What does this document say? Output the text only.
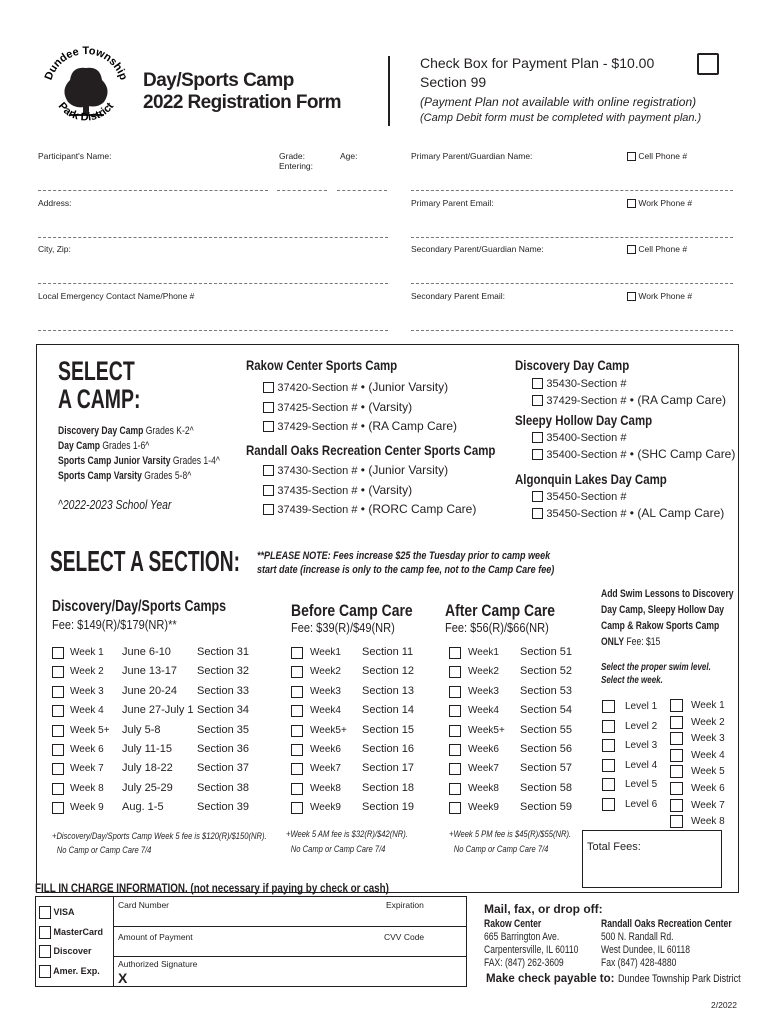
Dundee Township
Park District
Day/Sports Camp
2022 Registration Form
Check Box for Payment Plan - $10.00
Section 99
(Payment Plan not available with online registration)
(Camp Debit form must be completed with payment plan.)
Participant's Name:	Grade:
Entering:
Age:
Address:
City, Zip:
Local Emergency Contact Name/Phone #
Primary Parent/Guardian Name:	Cell Phone #
Primary Parent Email:	Work Phone #
Secondary Parent/Guardian Name:	Cell Phone #
Secondary Parent Email:	Work Phone #
SELECT
A CAMP:
Discovery Day Camp Grades K-2^
Day Camp Grades 1-6^
Sports Camp Junior Varsity Grades 1-4^
Sports Camp Varsity Grades 5-8^
^2022-2023 School Year
Rakow Center Sports Camp
37420-Section # • (Junior Varsity)
37425-Section # • (Varsity)
37429-Section # • (RA Camp Care)
Randall Oaks Recreation Center Sports Camp
37430-Section # • (Junior Varsity)
37435-Section # • (Varsity)
37439-Section # • (RORC Camp Care)
Discovery Day Camp
35430-Section #
37429-Section # • (RA Camp Care)
Sleepy Hollow Day Camp
35400-Section #
35400-Section # • (SHC Camp Care)
Algonquin Lakes Day Camp
35450-Section #
35450-Section # • (AL Camp Care)
SELECT A SECTION: **PLEASE NOTE: Fees increase $25 the Tuesday prior to camp week
start date (increase is only to the camp fee, not to the Camp Care fee)
Discovery/Day/Sports Camps
Fee: $149(R)/$179(NR)**
Week 1 June 6-10 Section 31
Week 2 June 13-17 Section 32
Week 3 June 20-24 Section 33
Week 4 June 27-July 1 Section 34
Week 5+ July 5-8	Section 35
Week 6 July 11-15 Section 36
Week 7 July 18-22 Section 37
Week 8 July 25-29 Section 38
Week 9 Aug. 1-5	Section 39
+Discovery/Day/Sports Camp Week 5 fee is $120(R)/$150(NR).
No Camp or Camp Care 7/4
Before Camp Care
Fee: $39(R)/$49(NR)
Week1 Section 11
Week2 Section 12
Week3 Section 13
Week4 Section 14
Week5+ Section 15
Week6 Section 16
Week7 Section 17
Week8 Section 18
Week9 Section 19
+Week 5 AM fee is $32(R)/$42(NR).
No Camp or Camp Care 7/4
After Camp Care
Fee: $56(R)/$66(NR)
Week1 Section 51
Week2 Section 52
Week3 Section 53
Week4 Section 54
Week5+ Section 55
Week6 Section 56
Week7 Section 57
Week8 Section 58
Week9 Section 59
+Week 5 PM fee is $45(R)/$55(NR).
No Camp or Camp Care 7/4
Add Swim Lessons to Discovery
Day Camp, Sleepy Hollow Day
Camp & Rakow Sports Camp
ONLY Fee: $15
Select the proper swim level.
Select the week.
Level 1
Level 2
Level 3
Level 4
Level 5
Level 6
Week 1
Week 2
Week 3
Week 4
Week 5
Week 6
Week 7
Week 8
Total Fees:
FILL IN CHARGE INFORMATION. (not necessary if paying by check or cash)
Card Number	Expiration
Amount of Payment	CVV Code
Authorized Signature
X
VISA
MasterCard
Discover
Amer. Exp.
Mail, fax, or drop off:
Rakow Center
665 Barrington Ave.
Carpentersville, IL 60110
FAX: (847) 262-3609
Randall Oaks Recreation Center
500 N. Randall Rd.
West Dundee, IL 60118
Fax (847) 428-4880
Make check payable to: Dundee Township Park District
2/2022
